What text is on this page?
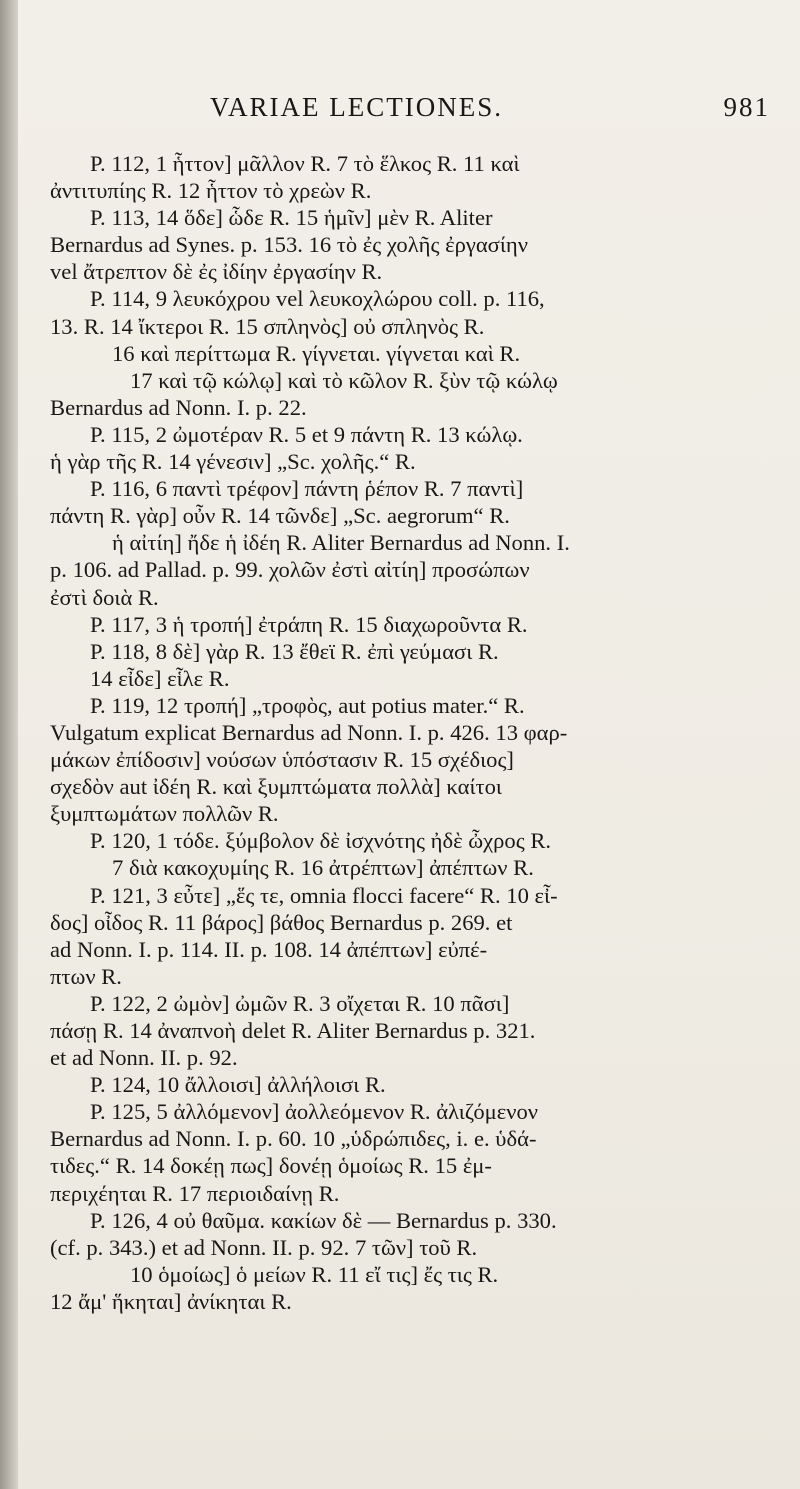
VARIAE LECTIONES.	981
P. 112, 1 ἧττον] μᾶλλον R. 7 τὸ ἕλκος R. 11 καὶ
ἀντιτυπίης R. 12 ἧττον τὸ χρεὼν R.
P. 113, 14 ὅδε] ὧδε R. 15 ἡμῖν] μὲν R. Aliter
Bernardus ad Synes. p. 153. 16 τὸ ἐς χολῆς ἐργασίην
vel ἄτρεπτον δὲ ἐς ἰδίην ἐργασίην R.
P. 114, 9 λευκόχρου vel λευκοχλώρου coll. p. 116,
13. R. 14 ἴκτεροι R. 15 σπληνὸς] οὐ σπληνὸς R.
16 καὶ περίττωμα R. γίγνεται. γίγνεται καὶ R.
17 καὶ τῷ κώλῳ] καὶ τὸ κῶλον R. ξὺν τῷ κώλῳ
Bernardus ad Nonn. I. p. 22.
P. 115, 2 ὠμοτέραν R. 5 et 9 πάντη R. 13 κώλῳ.
ἡ γὰρ τῆς R. 14 γένεσιν] „Sc. χολῆς.“ R.
P. 116, 6 παντὶ τρέφον] πάντη ῥέπον R. 7 παντὶ]
πάντη R. γὰρ] οὖν R. 14 τῶνδε] „Sc. aegrorum“ R.
ἡ αἰτίη] ἤδε ἡ ἰδέη R. Aliter Bernardus ad Nonn. I.
p. 106. ad Pallad. p. 99. χολῶν ἐστὶ αἰτίη] προσώπων
ἐστὶ δοιὰ R.
P. 117, 3 ἡ τροπή] ἐτράπη R. 15 διαχωροῦντα R.
P. 118, 8 δὲ] γὰρ R. 13 ἔθεϊ R. ἐπὶ γεύμασι R.
14 εἶδε] εἷλε R.
P. 119, 12 τροπή] „τροφὸς, aut potius mater.“ R.
Vulgatum explicat Bernardus ad Nonn. I. p. 426. 13 φαρ-
μάκων ἐπίδοσιν] νούσων ὑπόστασιν R. 15 σχέδιος]
σχεδὸν aut ἰδέη R. καὶ ξυμπτώματα πολλὰ] καίτοι
ξυμπτωμάτων πολλῶν R.
P. 120, 1 τόδε. ξύμβολον δὲ ἰσχνότης ἠδὲ ὦχρος R.
7 διὰ κακοχυμίης R. 16 ἀτρέπτων] ἀπέπτων R.
P. 121, 3 εὖτε] „ἕς τε, omnia flocci facere“ R. 10 εἶ-
δος] οἶδος R. 11 βάρος] βάθος Bernardus p. 269. et
ad Nonn. I. p. 114. II. p. 108. 14 ἀπέπτων] εὐπέ-
πτων R.
P. 122, 2 ὠμὸν] ὠμῶν R. 3 οἴχεται R. 10 πᾶσι]
πάσῃ R. 14 ἀναπνοὴ delet R. Aliter Bernardus p. 321.
et ad Nonn. II. p. 92.
P. 124, 10 ἄλλοισι] ἀλλήλοισι R.
P. 125, 5 ἀλλόμενον] ἀολλεόμενον R. ἀλιζόμενον
Bernardus ad Nonn. I. p. 60. 10 „ὑδρώπιδες, i. e. ὑδά-
τιδες.“ R. 14 δοκέῃ πως] δονέῃ ὁμοίως R. 15 ἐμ-
περιχέηται R. 17 περιοιδαίνῃ R.
P. 126, 4 οὐ θαῦμα. κακίων δὲ — Bernardus p. 330.
(cf. p. 343.) et ad Nonn. II. p. 92. 7 τῶν] τοῦ R.
10 ὁμοίως] ὁ μείων R. 11 εἴ τις] ἔς τις R.
12 ἄμ' ἥκηται] ἀνίκηται R.
